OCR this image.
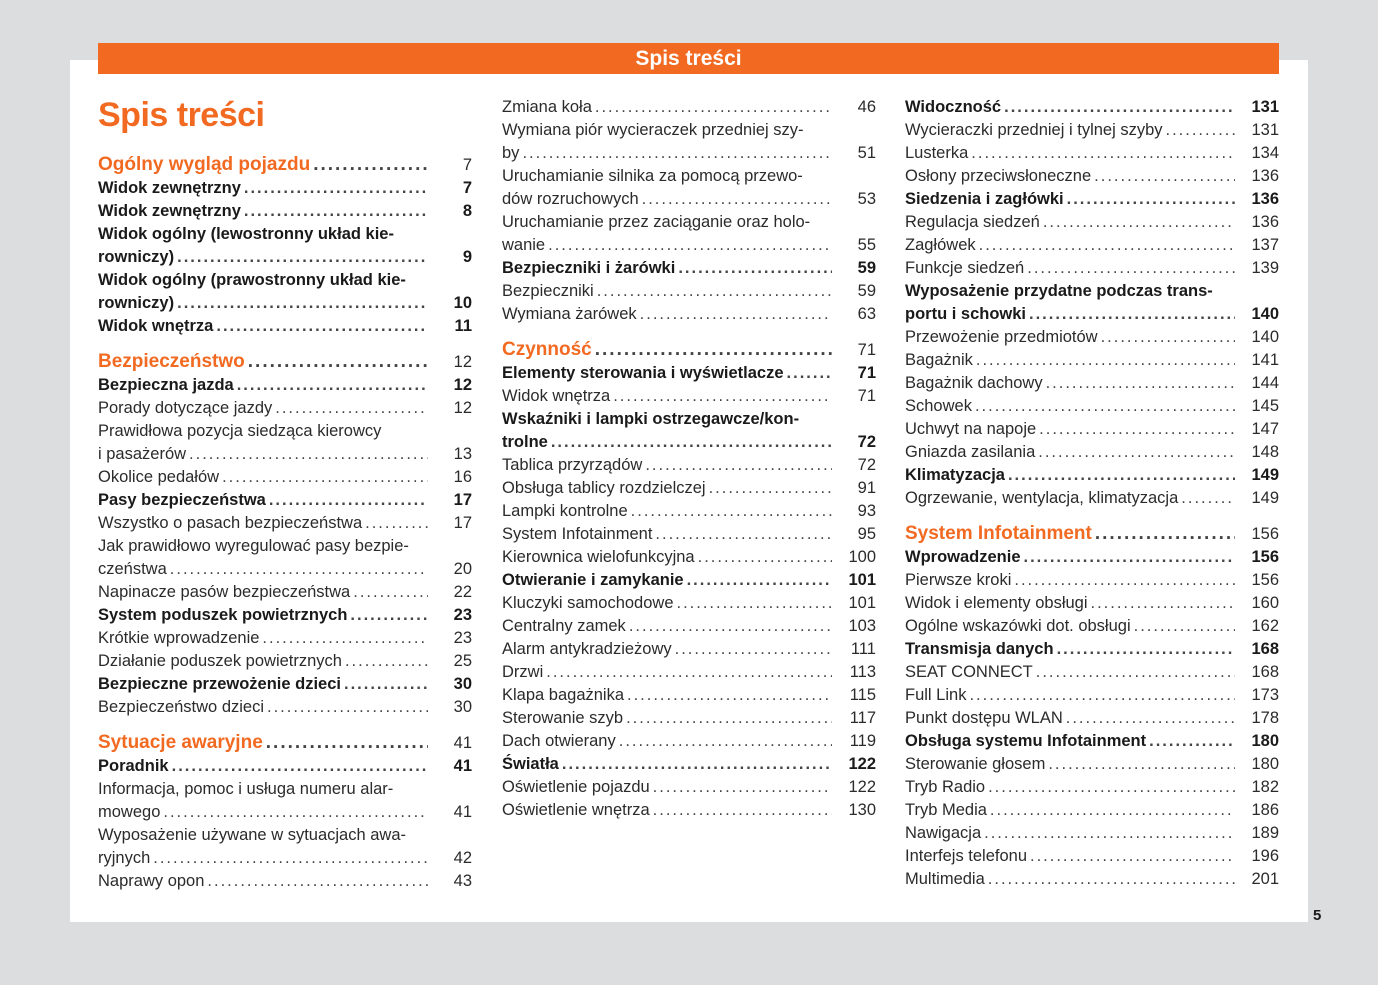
Spis treści
Spis treści
Ogólny wygląd pojazdu .....	7
Widok zewnętrzny .....	7
Widok zewnętrzny .....	8
Widok ogólny (lewostronny układ kie-
rowniczy) .....	9
Widok ogólny (prawostronny układ kie-
rowniczy) .....	10
Widok wnętrza .....	11
Bezpieczeństwo .....	12
Bezpieczna jazda .....	12
Porady dotyczące jazdy .....	12
Prawidłowa pozycja siedząca kierowcy
i pasażerów .....	13
Okolice pedałów .....	16
Pasy bezpieczeństwa .....	17
Wszystko o pasach bezpieczeństwa .....	17
Jak prawidłowo wyregulować pasy bezpie-
czeństwa .....	20
Napinacze pasów bezpieczeństwa .....	22
System poduszek powietrznych .....	23
Krótkie wprowadzenie .....	23
Działanie poduszek powietrznych .....	25
Bezpieczne przewożenie dzieci .....	30
Bezpieczeństwo dzieci .....	30
Sytuacje awaryjne .....	41
Poradnik .....	41
Informacja, pomoc i usługa numeru alar-
mowego .....	41
Wyposażenie używane w sytuacjach awa-
ryjnych .....	42
Naprawy opon .....	43
Zmiana koła .....	46
Wymiana piór wycieraczek przedniej szy-
by .....	51
Uruchamianie silnika za pomocą przewo-
dów rozruchowych .....	53
Uruchamianie przez zaciąganie oraz holo-
wanie .....	55
Bezpieczniki i żarówki .....	59
Bezpieczniki .....	59
Wymiana żarówek .....	63
Czynność .....	71
Elementy sterowania i wyświetlacze .....	71
Widok wnętrza .....	71
Wskaźniki i lampki ostrzegawcze/kon-
trolne .....	72
Tablica przyrządów .....	72
Obsługa tablicy rozdzielczej .....	91
Lampki kontrolne .....	93
System Infotainment .....	95
Kierownica wielofunkcyjna .....	100
Otwieranie i zamykanie .....	101
Kluczyki samochodowe .....	101
Centralny zamek .....	103
Alarm antykradzieżowy .....	111
Drzwi .....	113
Klapa bagażnika .....	115
Sterowanie szyb .....	117
Dach otwierany .....	119
Światła .....	122
Oświetlenie pojazdu .....	122
Oświetlenie wnętrza .....	130
Widoczność .....	131
Wycieraczki przedniej i tylnej szyby .....	131
Lusterka .....	134
Osłony przeciwsłoneczne .....	136
Siedzenia i zagłówki .....	136
Regulacja siedzeń .....	136
Zagłówek .....	137
Funkcje siedzeń .....	139
Wyposażenie przydatne podczas trans-
portu i schowki .....	140
Przewożenie przedmiotów .....	140
Bagażnik .....	141
Bagażnik dachowy .....	144
Schowek .....	145
Uchwyt na napoje .....	147
Gniazda zasilania .....	148
Klimatyzacja .....	149
Ogrzewanie, wentylacja, klimatyzacja .....	149
System Infotainment .....	156
Wprowadzenie .....	156
Pierwsze kroki .....	156
Widok i elementy obsługi .....	160
Ogólne wskazówki dot. obsługi .....	162
Transmisja danych .....	168
SEAT CONNECT .....	168
Full Link .....	173
Punkt dostępu WLAN .....	178
Obsługa systemu Infotainment .....	180
Sterowanie głosem .....	180
Tryb Radio .....	182
Tryb Media .....	186
Nawigacja .....	189
Interfejs telefonu .....	196
Multimedia .....	201
5
